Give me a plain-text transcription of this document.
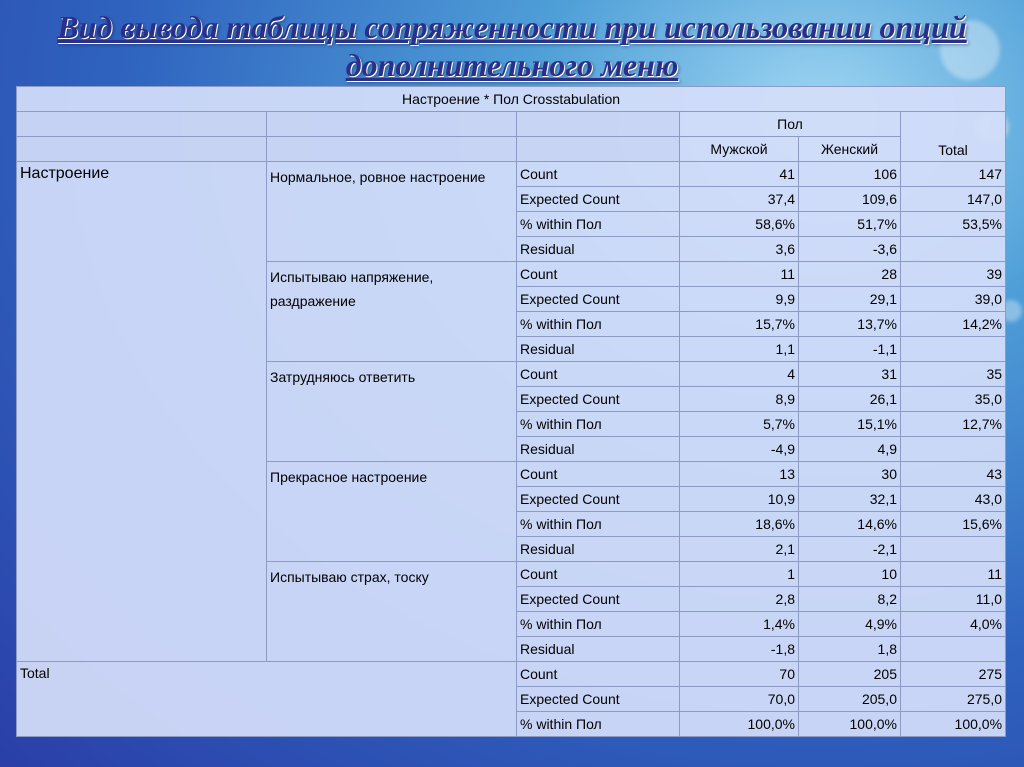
Вид вывода таблицы сопряженности при использовании опций
дополнительного меню
Настроение * Пол Crosstabulation					
			Пол		Total
			Мужской	Женский	
Настроение	Нормальное, ровное настроение	Count	41	106	147
		Expected Count	37,4	109,6	147,0
		% within Пол	58,6%	51,7%	53,5%
		Residual	3,6	-3,6	
	Испытываю напряжение, раздражение	Count	11	28	39
		Expected Count	9,9	29,1	39,0
		% within Пол	15,7%	13,7%	14,2%
		Residual	1,1	-1,1	
	Затрудняюсь ответить	Count	4	31	35
		Expected Count	8,9	26,1	35,0
		% within Пол	5,7%	15,1%	12,7%
		Residual	-4,9	4,9	
	Прекрасное настроение	Count	13	30	43
		Expected Count	10,9	32,1	43,0
		% within Пол	18,6%	14,6%	15,6%
		Residual	2,1	-2,1	
	Испытываю страх, тоску	Count	1	10	11
		Expected Count	2,8	8,2	11,0
		% within Пол	1,4%	4,9%	4,0%
		Residual	-1,8	1,8	
Total		Count	70	205	275
		Expected Count	70,0	205,0	275,0
		% within Пол	100,0%	100,0%	100,0%
